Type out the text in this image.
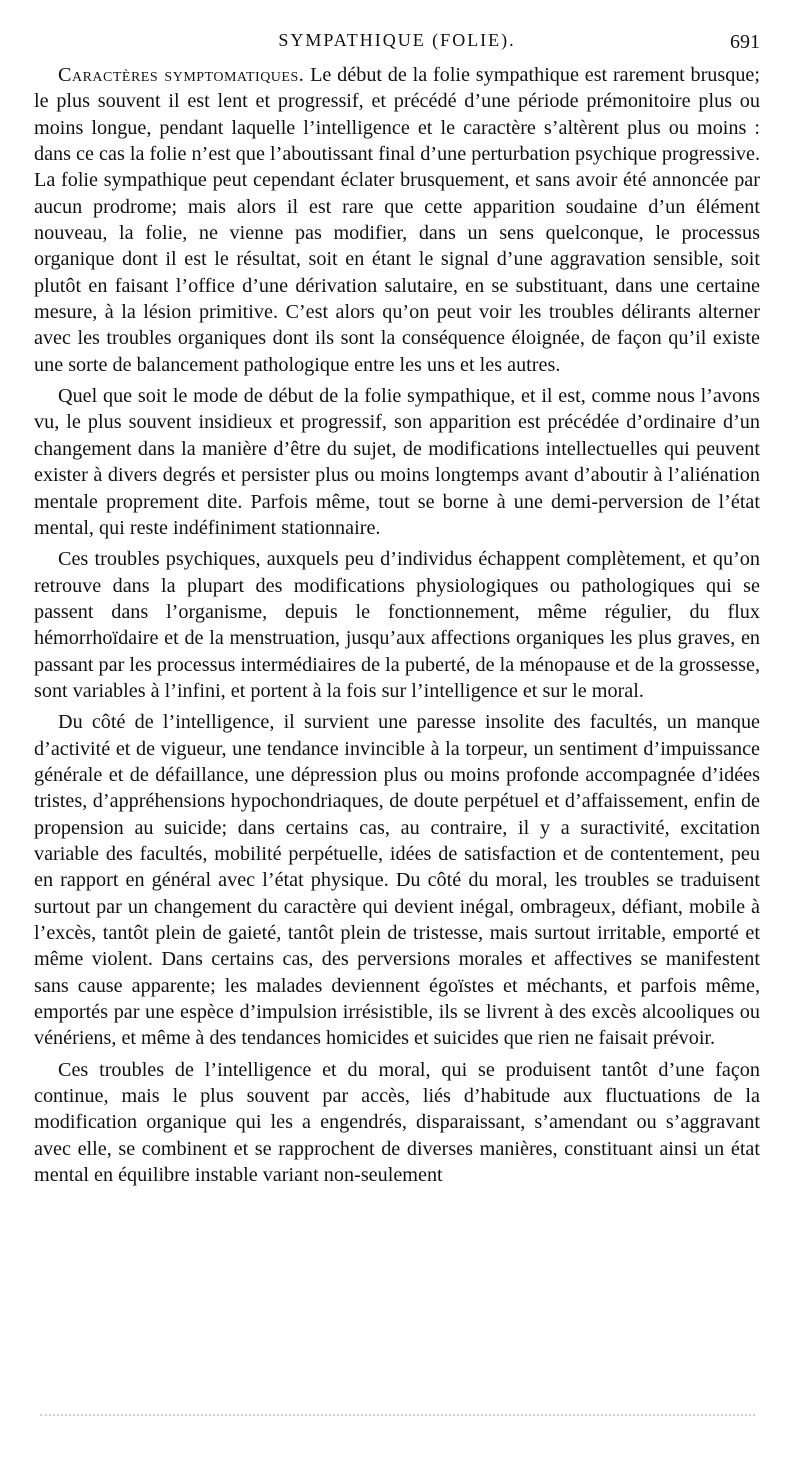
SYMPATHIQUE (FOLIE).	691

Caractères symptomatiques. Le début de la folie sympathique est rarement brusque; le plus souvent il est lent et progressif, et précédé d’une période prémonitoire plus ou moins longue, pendant laquelle l’intelligence et le caractère s’altèrent plus ou moins : dans ce cas la folie n’est que l’aboutissant final d’une perturbation psychique progressive. La folie sympathique peut cependant éclater brusquement, et sans avoir été annoncée par aucun prodrome; mais alors il est rare que cette apparition soudaine d’un élément nouveau, la folie, ne vienne pas modifier, dans un sens quelconque, le processus organique dont il est le résultat, soit en étant le signal d’une aggravation sensible, soit plutôt en faisant l’office d’une dérivation salutaire, en se substituant, dans une certaine mesure, à la lésion primitive. C’est alors qu’on peut voir les troubles délirants alterner avec les troubles organiques dont ils sont la conséquence éloignée, de façon qu’il existe une sorte de balancement pathologique entre les uns et les autres.

Quel que soit le mode de début de la folie sympathique, et il est, comme nous l’avons vu, le plus souvent insidieux et progressif, son apparition est précédée d’ordinaire d’un changement dans la manière d’être du sujet, de modifications intellectuelles qui peuvent exister à divers degrés et persister plus ou moins longtemps avant d’aboutir à l’aliénation mentale proprement dite. Parfois même, tout se borne à une demi-perversion de l’état mental, qui reste indéfiniment stationnaire.

Ces troubles psychiques, auxquels peu d’individus échappent complètement, et qu’on retrouve dans la plupart des modifications physiologiques ou pathologiques qui se passent dans l’organisme, depuis le fonctionnement, même régulier, du flux hémorrhoïdaire et de la menstruation, jusqu’aux affections organiques les plus graves, en passant par les processus intermédiaires de la puberté, de la ménopause et de la grossesse, sont variables à l’infini, et portent à la fois sur l’intelligence et sur le moral.

Du côté de l’intelligence, il survient une paresse insolite des facultés, un manque d’activité et de vigueur, une tendance invincible à la torpeur, un sentiment d’impuissance générale et de défaillance, une dépression plus ou moins profonde accompagnée d’idées tristes, d’appréhensions hypochondriaques, de doute perpétuel et d’affaissement, enfin de propension au suicide; dans certains cas, au contraire, il y a suractivité, excitation variable des facultés, mobilité perpétuelle, idées de satisfaction et de contentement, peu en rapport en général avec l’état physique. Du côté du moral, les troubles se traduisent surtout par un changement du caractère qui devient inégal, ombrageux, défiant, mobile à l’excès, tantôt plein de gaieté, tantôt plein de tristesse, mais surtout irritable, emporté et même violent. Dans certains cas, des perversions morales et affectives se manifestent sans cause apparente; les malades deviennent égoïstes et méchants, et parfois même, emportés par une espèce d’impulsion irrésistible, ils se livrent à des excès alcooliques ou vénériens, et même à des tendances homicides et suicides que rien ne faisait prévoir.

Ces troubles de l’intelligence et du moral, qui se produisent tantôt d’une façon continue, mais le plus souvent par accès, liés d’habitude aux fluctuations de la modification organique qui les a engendrés, disparaissant, s’amendant ou s’aggravant avec elle, se combinent et se rapprochent de diverses manières, constituant ainsi un état mental en équilibre instable variant non-seulement
